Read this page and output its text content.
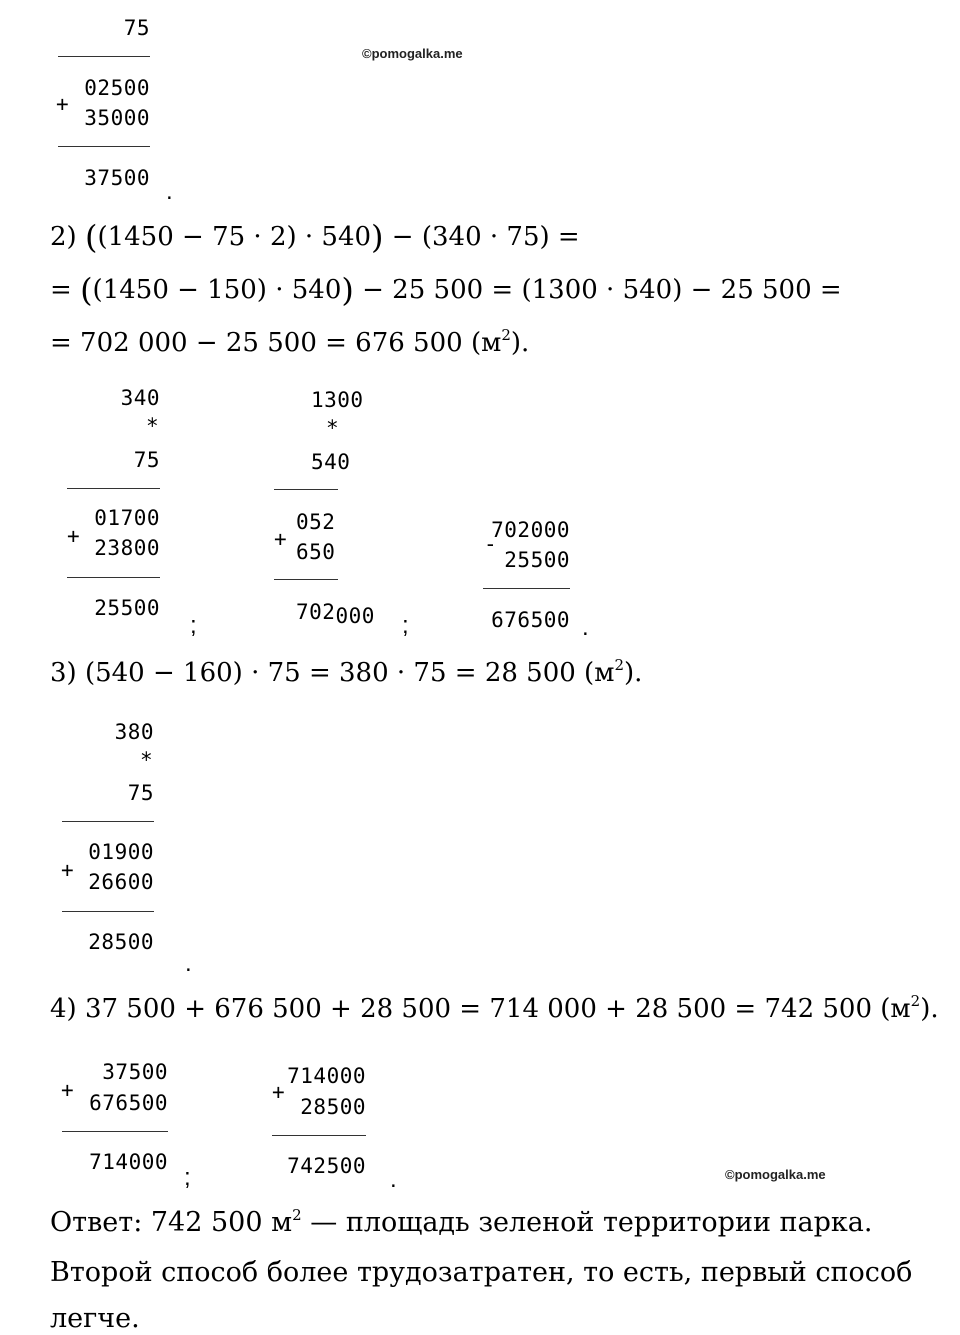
75
+
02500
35000
37500 .
©pomogalka.me
2) ((1450 − 75 · 2) · 540) − (340 · 75) =
= ((1450 − 150) · 540) − 25 500 = (1300 · 540) − 25 500 =
= 702 000 − 25 500 = 676 500 $(м^2)$.
340
*
75
+
01700
23800
25500
;
1300
*
540
+
052
650
702000 ;
702000
-
25500
676500 .
3) (540 − 160) · 75 = 380 · 75 = 28 500 $(м^2)$.
380
*
75
+
01900
26600
28500
.
4) 37 500 + 676 500 + 28 500 = 714 000 + 28 500 = 742 500 $(м^2)$.
+
37500
676500
714000
;
714000
+
28500
742500 .	©pomogalka.me
Ответ: 742 500 $м^2$ — площадь зеленой территории парка.
Второй способ более трудозатратен, то есть, первый способ
легче.
